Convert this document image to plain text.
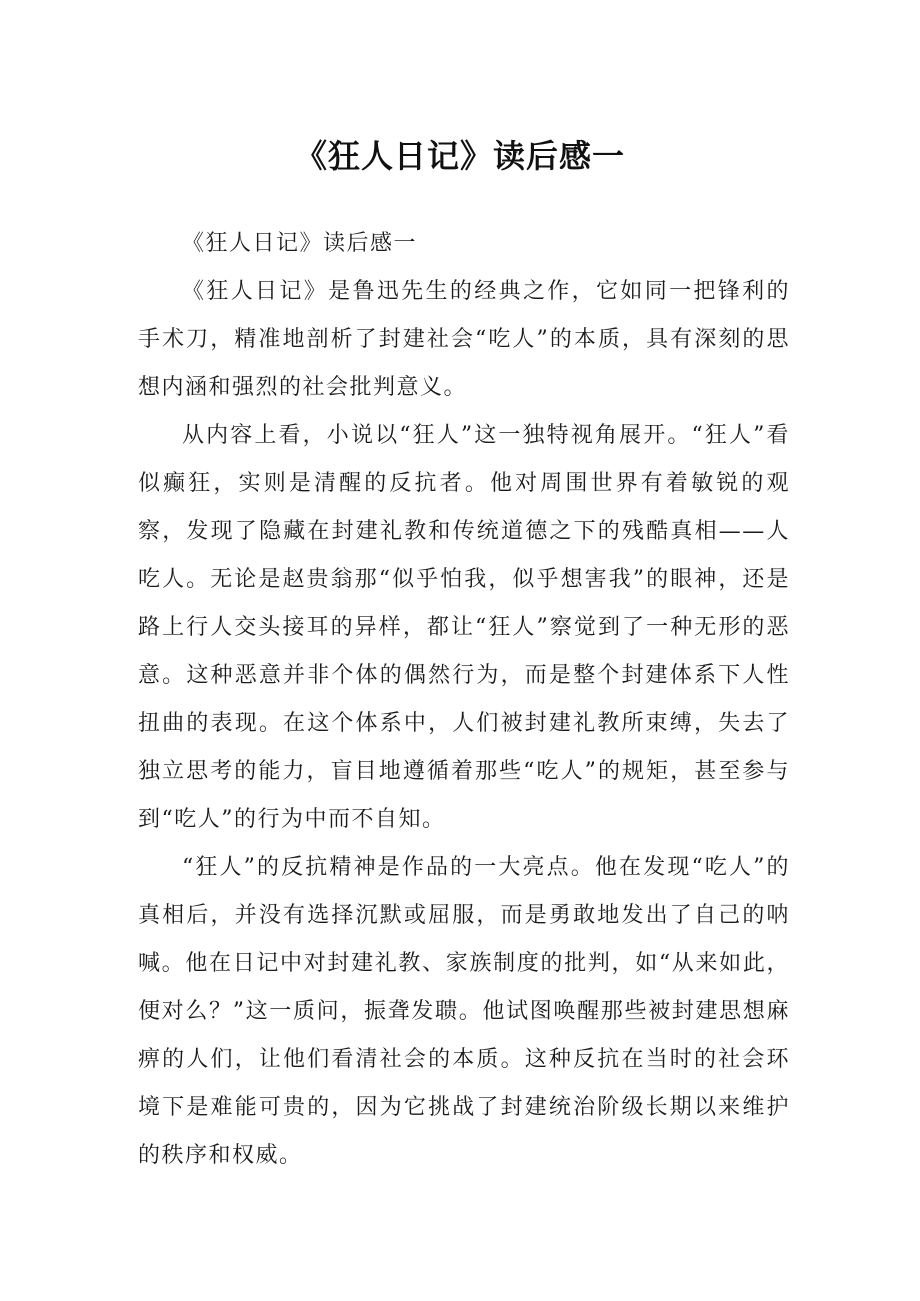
《狂人日记》读后感一

《狂人日记》读后感一

《狂人日记》是鲁迅先生的经典之作，它如同一把锋利的手术刀，精准地剖析了封建社会“吃人”的本质，具有深刻的思想内涵和强烈的社会批判意义。

从内容上看，小说以“狂人”这一独特视角展开。“狂人”看似癫狂，实则是清醒的反抗者。他对周围世界有着敏锐的观察，发现了隐藏在封建礼教和传统道德之下的残酷真相——人吃人。无论是赵贵翁那“似乎怕我，似乎想害我”的眼神，还是路上行人交头接耳的异样，都让“狂人”察觉到了一种无形的恶意。这种恶意并非个体的偶然行为，而是整个封建体系下人性扭曲的表现。在这个体系中，人们被封建礼教所束缚，失去了独立思考的能力，盲目地遵循着那些“吃人”的规矩，甚至参与到“吃人”的行为中而不自知。

“狂人”的反抗精神是作品的一大亮点。他在发现“吃人”的真相后，并没有选择沉默或屈服，而是勇敢地发出了自己的呐喊。他在日记中对封建礼教、家族制度的批判，如“从来如此，便对么？”这一质问，振聋发聩。他试图唤醒那些被封建思想麻痹的人们，让他们看清社会的本质。这种反抗在当时的社会环境下是难能可贵的，因为它挑战了封建统治阶级长期以来维护的秩序和权威。
